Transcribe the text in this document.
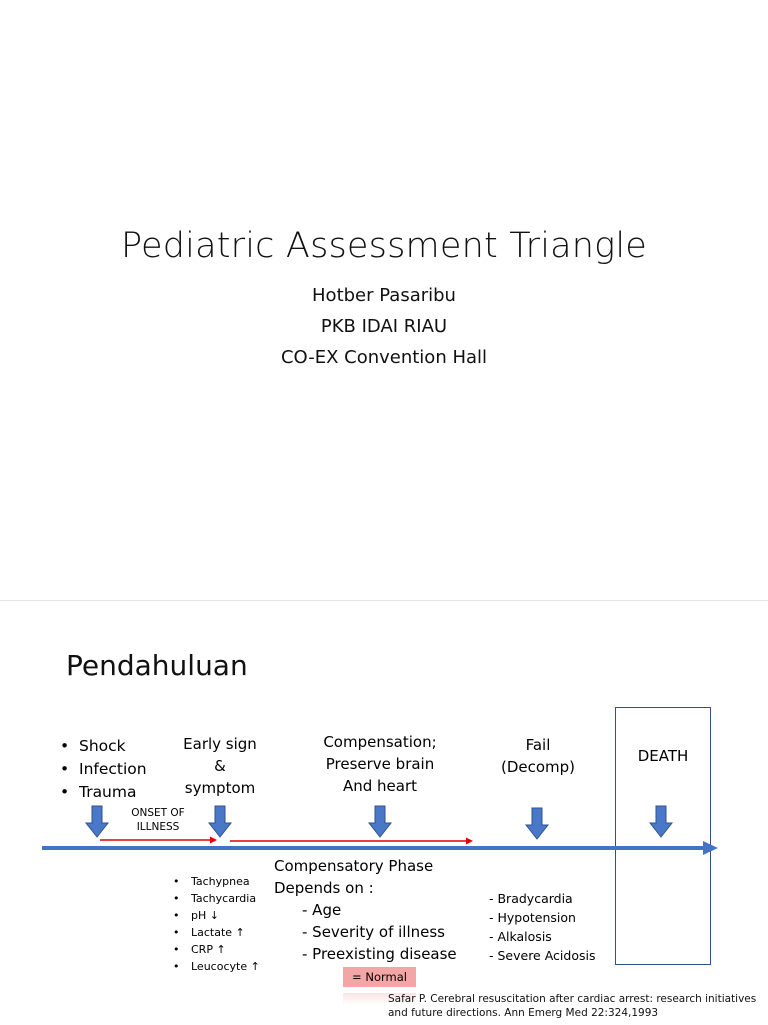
Pediatric Assessment Triangle
Hotber Pasaribu
PKB IDAI RIAU
CO-EX Convention Hall
Pendahuluan
• Shock
• Infection
• Trauma
Early sign
&
symptom
Compensation;
Preserve brain
And heart
Fail
(Decomp)
DEATH
ONSET OF
ILLNESS
• Tachypnea
• Tachycardia
• pH ↓
• Lactate ↑
• CRP ↑
• Leucocyte ↑
Compensatory Phase
Depends on :
- Age
- Severity of illness
- Preexisting disease
- Bradycardia
- Hypotension
- Alkalosis
- Severe Acidosis
= Normal
Safar P. Cerebral resuscitation after cardiac arrest: research initiatives and future directions. Ann Emerg Med 22:324,1993
